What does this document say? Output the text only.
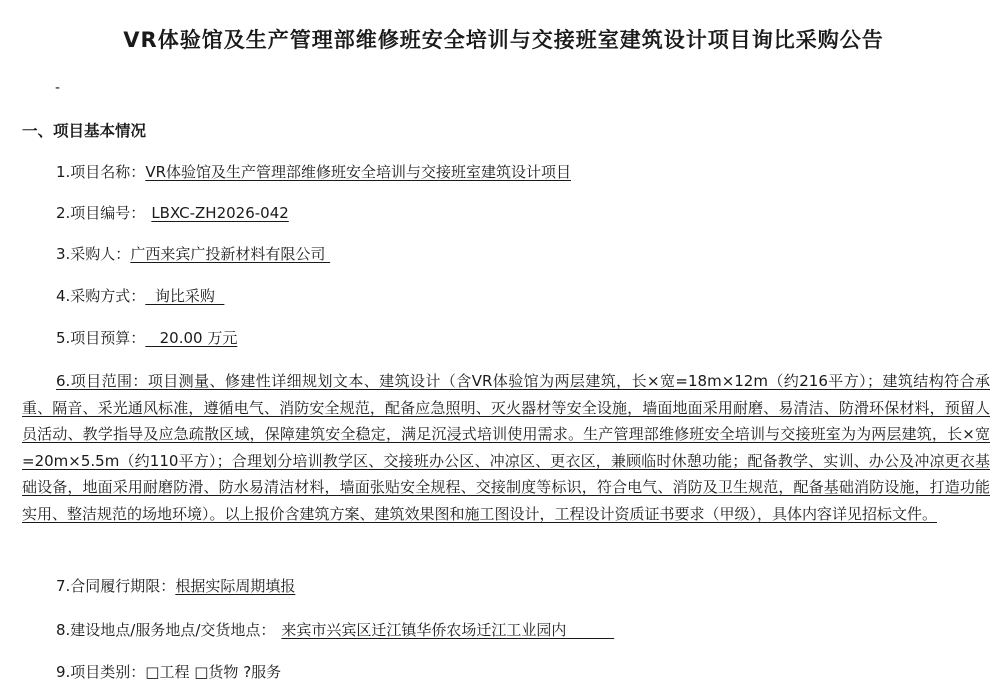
VR体验馆及生产管理部维修班安全培训与交接班室建筑设计项目询比采购公告
-
一、项目基本情况
1.项目名称：VR体验馆及生产管理部维修班安全培训与交接班室建筑设计项目
2.项目编号： LBXC-ZH2026-042
3.采购人：广西来宾广投新材料有限公司
4.采购方式：  询比采购
5.项目预算：   20.00 万元
6.项目范围：项目测量、修建性详细规划文本、建筑设计（含VR体验馆为两层建筑，长×宽=18m×12m（约216平方）；建筑结构符合承重、隔音、采光通风标准，遵循电气、消防安全规范，配备应急照明、灭火器材等安全设施，墙面地面采用耐磨、易清洁、防滑环保材料，预留人员活动、教学指导及应急疏散区域，保障建筑安全稳定，满足沉浸式培训使用需求。生产管理部维修班安全培训与交接班室为为两层建筑，长×宽=20m×5.5m（约110平方）；合理划分培训教学区、交接班办公区、冲凉区、更衣区，兼顾临时休憩功能；配备教学、实训、办公及冲凉更衣基础设备，地面采用耐磨防滑、防水易清洁材料，墙面张贴安全规程、交接制度等标识，符合电气、消防及卫生规范，配备基础消防设施，打造功能实用、整洁规范的场地环境）。以上报价含建筑方案、建筑效果图和施工图设计，工程设计资质证书要求（甲级），具体内容详见招标文件。
7.合同履行期限：根据实际周期填报
8.建设地点/服务地点/交货地点： 来宾市兴宾区迁江镇华侨农场迁江工业园内
9.项目类别：□工程 □货物 ?服务
